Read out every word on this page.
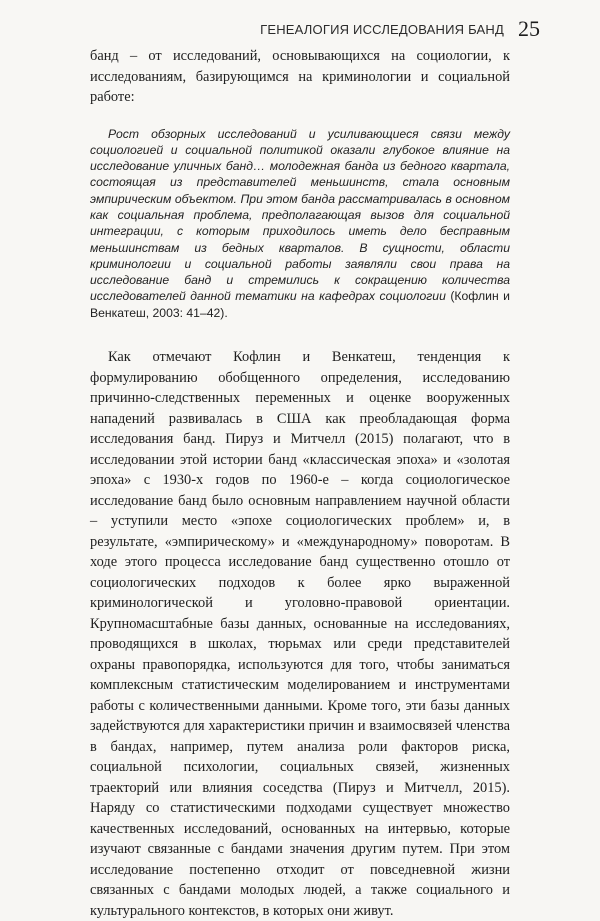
ГЕНЕАЛОГИЯ ИССЛЕДОВАНИЯ БАНД 25

банд – от исследований, основывающихся на социологии, к исследованиям, базирующимся на криминологии и социальной работе:

Рост обзорных исследований и усиливающиеся связи между социологией и социальной политикой оказали глубокое влияние на исследование уличных банд… молодежная банда из бедного квартала, состоящая из представителей меньшинств, стала основным эмпирическим объектом. При этом банда рассматривалась в основном как социальная проблема, предполагающая вызов для социальной интеграции, с которым приходилось иметь дело бесправным меньшинствам из бедных кварталов. В сущности, области криминологии и социальной работы заявляли свои права на исследование банд и стремились к сокращению количества исследователей данной тематики на кафедрах социологии (Кофлин и Венкатеш, 2003: 41–42).

Как отмечают Кофлин и Венкатеш, тенденция к формулированию обобщенного определения, исследованию причинно-следственных переменных и оценке вооруженных нападений развивалась в США как преобладающая форма исследования банд. Пируз и Митчелл (2015) полагают, что в исследовании этой истории банд «классическая эпоха» и «золотая эпоха» с 1930-х годов по 1960-е – когда социологическое исследование банд было основным направлением научной области – уступили место «эпохе социологических проблем» и, в результате, «эмпирическому» и «международному» поворотам. В ходе этого процесса исследование банд существенно отошло от социологических подходов к более ярко выраженной криминологической и уголовно-правовой ориентации. Крупномасштабные базы данных, основанные на исследованиях, проводящихся в школах, тюрьмах или среди представителей охраны правопорядка, используются для того, чтобы заниматься комплексным статистическим моделированием и инструментами работы с количественными данными. Кроме того, эти базы данных задействуются для характеристики причин и взаимосвязей членства в бандах, например, путем анализа роли факторов риска, социальной психологии, социальных связей, жизненных траекторий или влияния соседства (Пируз и Митчелл, 2015). Наряду со статистическими подходами существует множество качественных исследований, основанных на интервью, которые изучают связанные с бандами значения другим путем. При этом исследование постепенно отходит от повседневной жизни связанных с бандами молодых людей, а также социального и культурального контекстов, в которых они живут.
